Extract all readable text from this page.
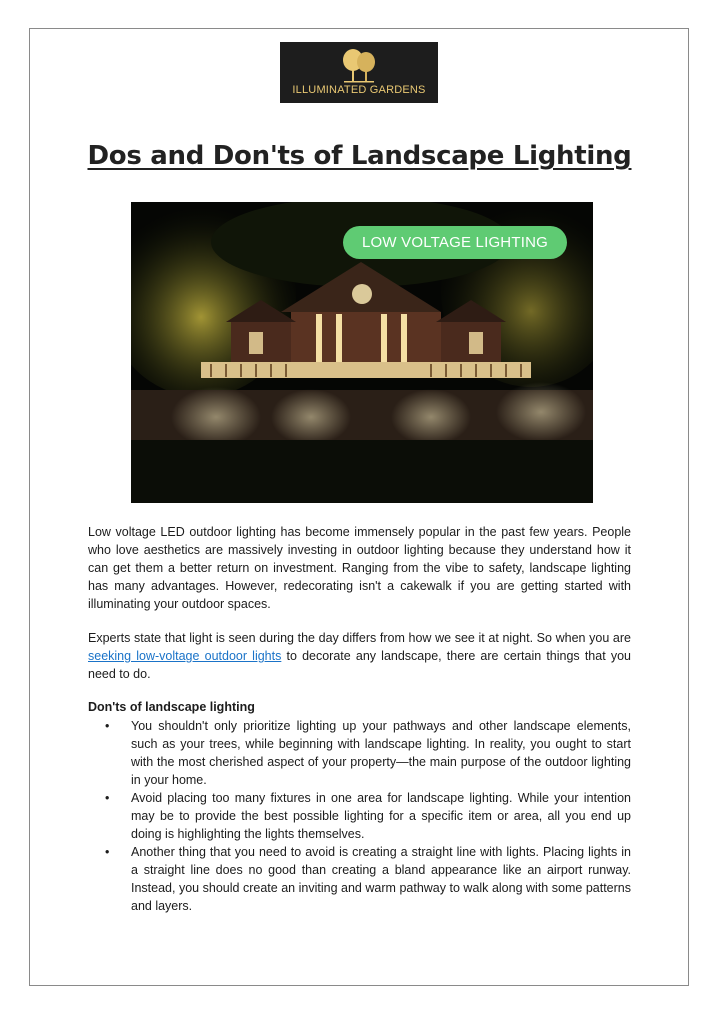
ILLUMINATED GARDENS
Dos and Don'ts of Landscape Lighting
LOW VOLTAGE LIGHTING

Low voltage LED outdoor lighting has become immensely popular in the past few years. People who love aesthetics are massively investing in outdoor lighting because they understand how it can get them a better return on investment. Ranging from the vibe to safety, landscape lighting has many advantages. However, redecorating isn't a cakewalk if you are getting started with illuminating your outdoor spaces.

Experts state that light is seen during the day differs from how we see it at night. So when you are seeking low-voltage outdoor lights to decorate any landscape, there are certain things that you need to do.

Don'ts of landscape lighting
• You shouldn't only prioritize lighting up your pathways and other landscape elements, such as your trees, while beginning with landscape lighting. In reality, you ought to start with the most cherished aspect of your property—the main purpose of the outdoor lighting in your home.
• Avoid placing too many fixtures in one area for landscape lighting. While your intention may be to provide the best possible lighting for a specific item or area, all you end up doing is highlighting the lights themselves.
• Another thing that you need to avoid is creating a straight line with lights. Placing lights in a straight line does no good than creating a bland appearance like an airport runway. Instead, you should create an inviting and warm pathway to walk along with some patterns and layers.
